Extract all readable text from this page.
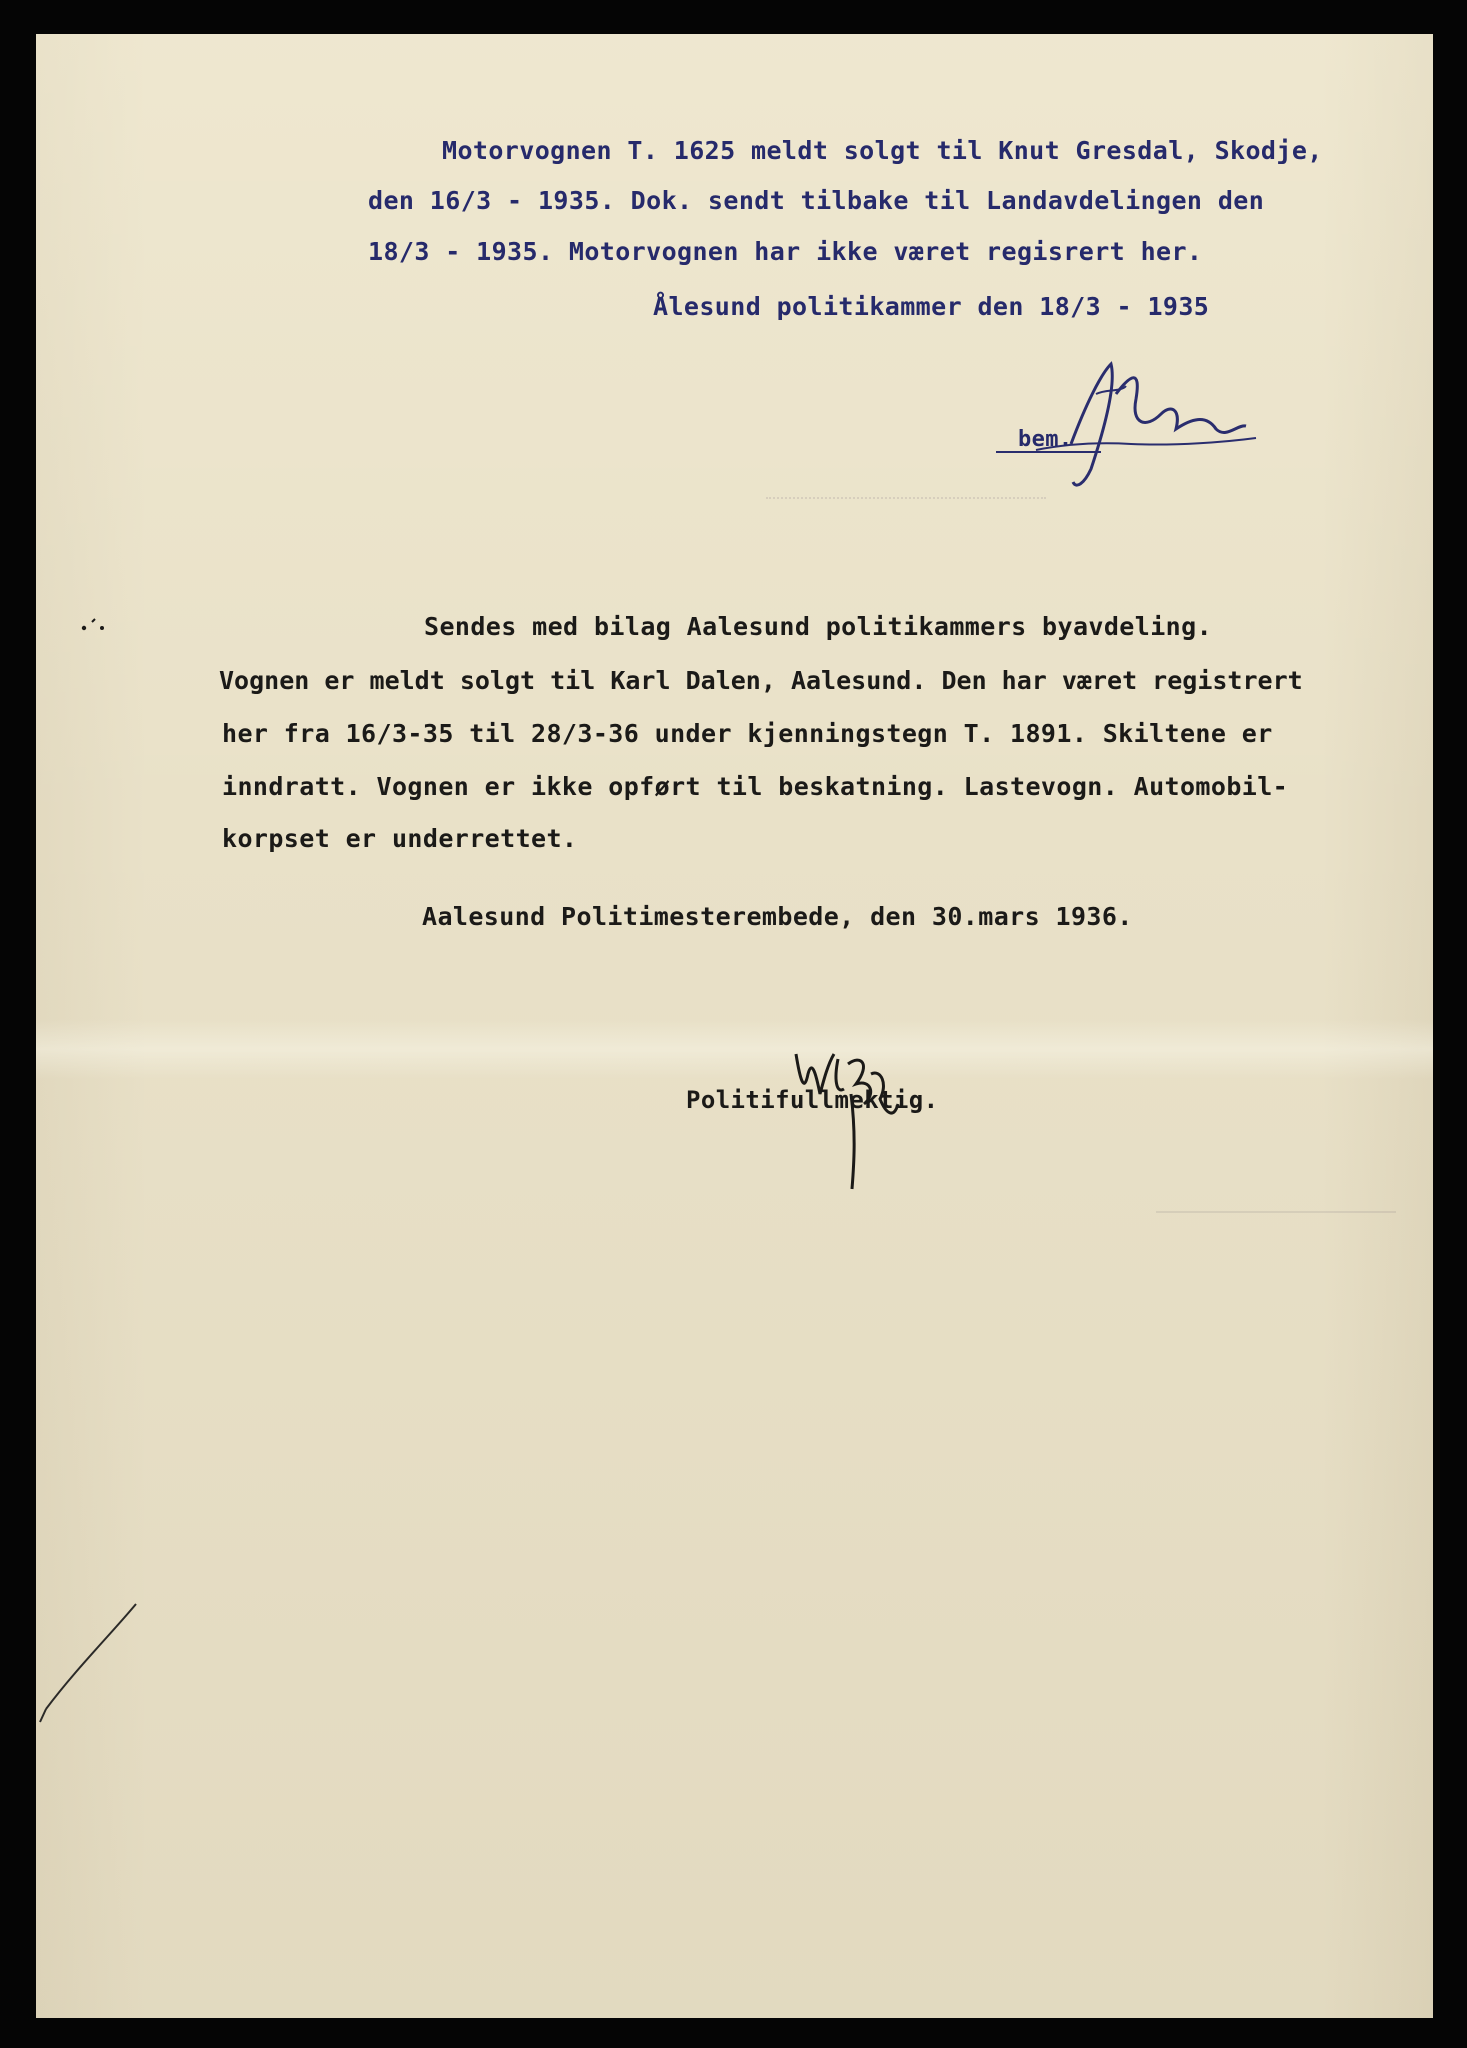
Motorvognen T. 1625 meldt solgt til Knut Gresdal, Skodje,
den 16/3 - 1935. Dok. sendt tilbake til Landavdelingen den
18/3 - 1935. Motorvognen har ikke været regisrert her.
Ålesund politikammer den 18/3 - 1935
bem.
Sendes med bilag Aalesund politikammers byavdeling.
Vognen er meldt solgt til Karl Dalen, Aalesund. Den har været registrert
her fra 16/3-35 til 28/3-36 under kjenningstegn T. 1891. Skiltene er
inndratt. Vognen er ikke opført til beskatning. Lastevogn. Automobil-
korpset er underrettet.
Aalesund Politimesterembede, den 30.mars 1936.
Politifullmektig.
